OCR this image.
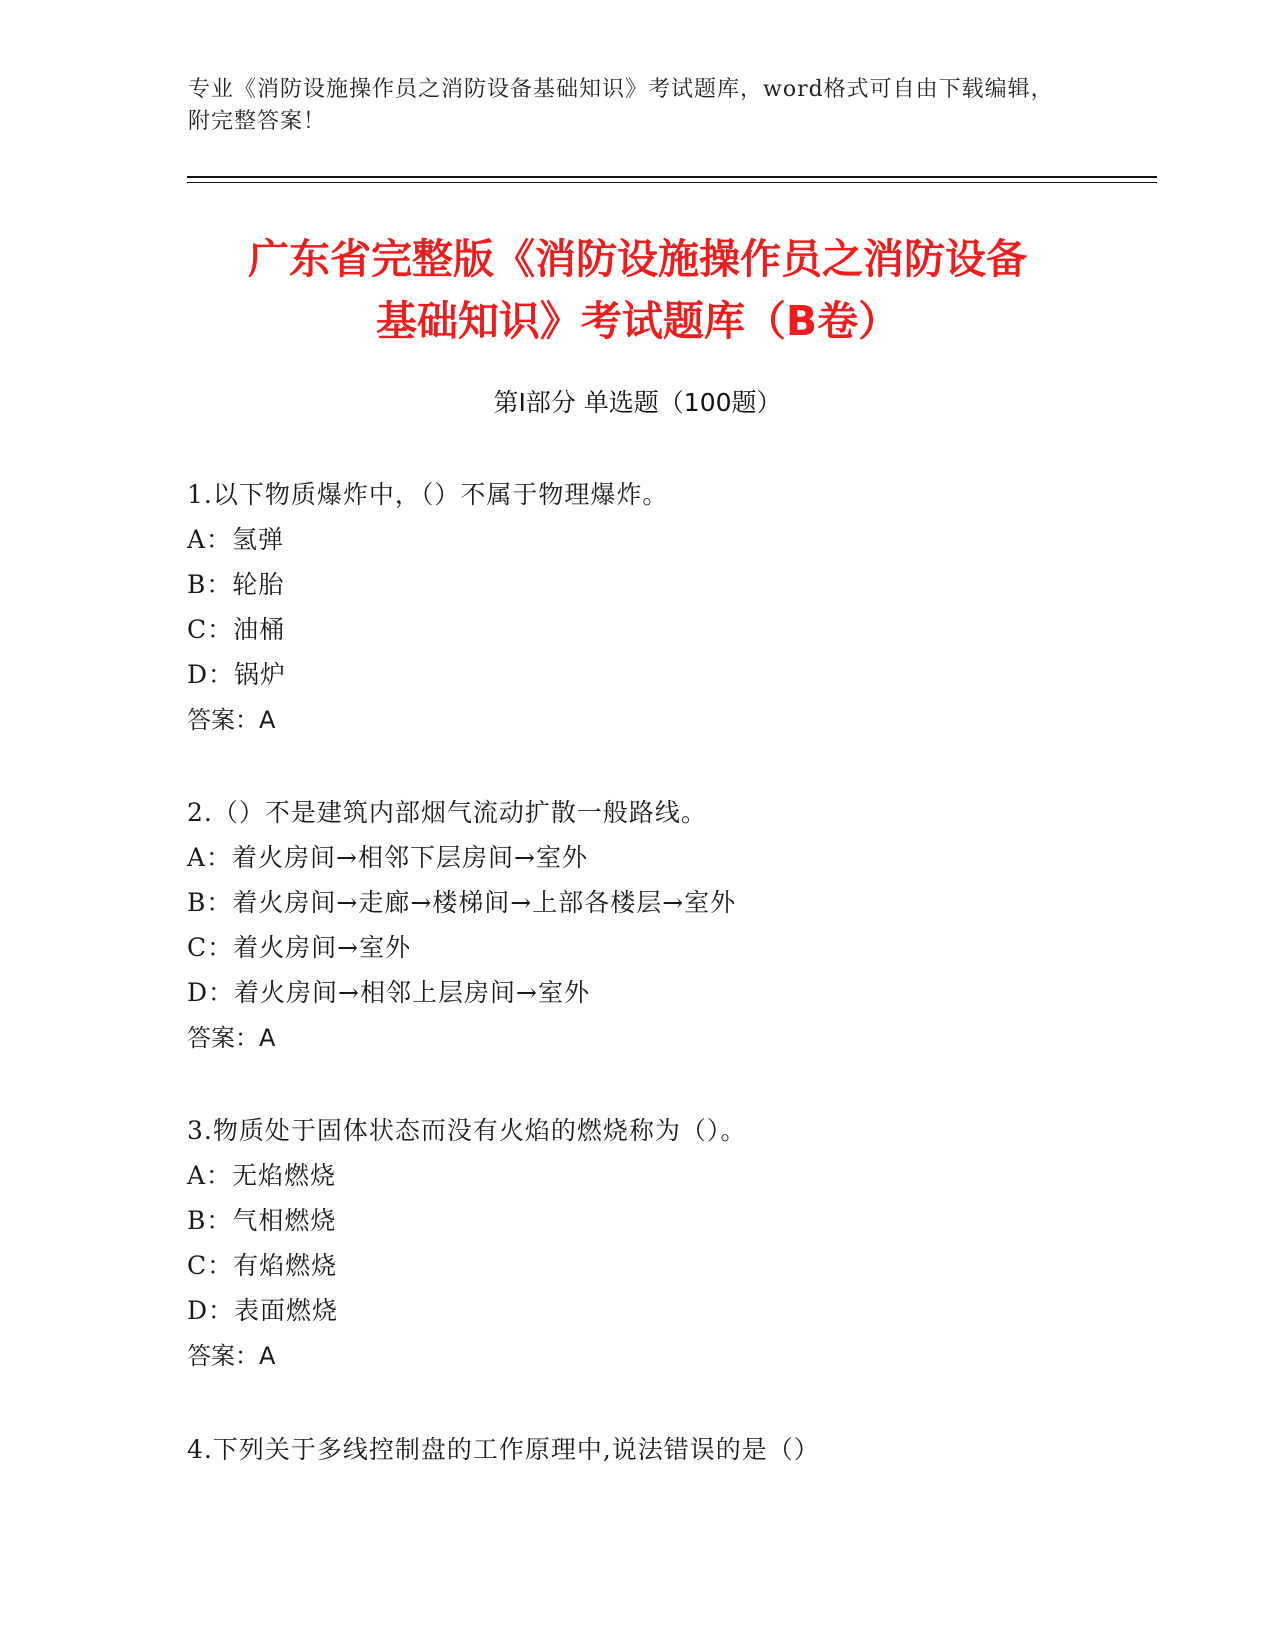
专业《消防设施操作员之消防设备基础知识》考试题库，word格式可自由下载编辑，附完整答案！
广东省完整版《消防设施操作员之消防设备
基础知识》考试题库（B卷）
第I部分 单选题（100题）
1.以下物质爆炸中，（）不属于物理爆炸。
A：氢弹
B：轮胎
C：油桶
D：锅炉
答案：A
2.（）不是建筑内部烟气流动扩散一般路线。
A：着火房间→相邻下层房间→室外
B：着火房间→走廊→楼梯间→上部各楼层→室外
C：着火房间→室外
D：着火房间→相邻上层房间→室外
答案：A
3.物质处于固体状态而没有火焰的燃烧称为（）。
A：无焰燃烧
B：气相燃烧
C：有焰燃烧
D：表面燃烧
答案：A
4.下列关于多线控制盘的工作原理中,说法错误的是（）
